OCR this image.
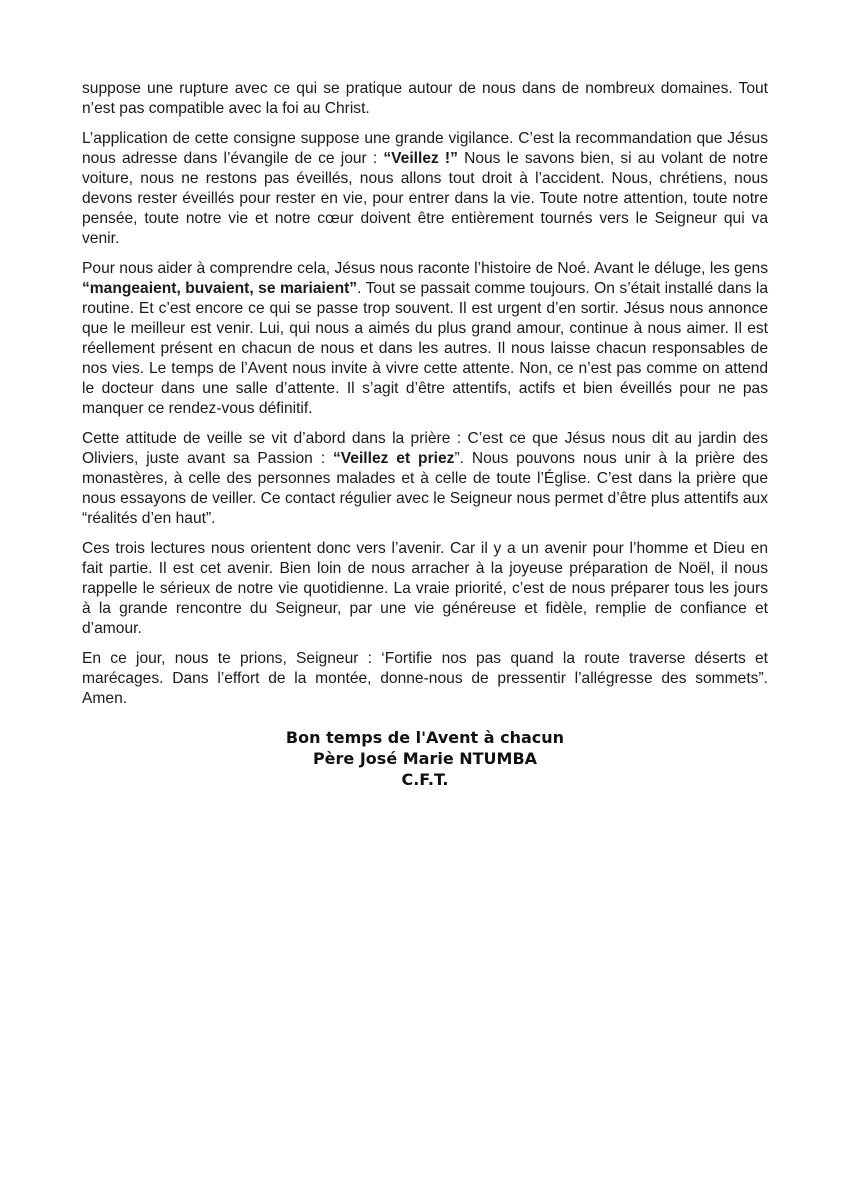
suppose une rupture avec ce qui se pratique autour de nous dans de nombreux domaines. Tout n’est pas compatible avec la foi au Christ.

L’application de cette consigne suppose une grande vigilance. C’est la recommandation que Jésus nous adresse dans l’évangile de ce jour : “Veillez !” Nous le savons bien, si au volant de notre voiture, nous ne restons pas éveillés, nous allons tout droit à l’accident. Nous, chrétiens, nous devons rester éveillés pour rester en vie, pour entrer dans la vie. Toute notre attention, toute notre pensée, toute notre vie et notre cœur doivent être entièrement tournés vers le Seigneur qui va venir.

Pour nous aider à comprendre cela, Jésus nous raconte l’histoire de Noé. Avant le déluge, les gens “mangeaient, buvaient, se mariaient”. Tout se passait comme toujours. On s’était installé dans la routine. Et c’est encore ce qui se passe trop souvent. Il est urgent d’en sortir. Jésus nous annonce que le meilleur est venir. Lui, qui nous a aimés du plus grand amour, continue à nous aimer. Il est réellement présent en chacun de nous et dans les autres. Il nous laisse chacun responsables de nos vies. Le temps de l’Avent nous invite à vivre cette attente. Non, ce n’est pas comme on attend le docteur dans une salle d’attente. Il s’agit d’être attentifs, actifs et bien éveillés pour ne pas manquer ce rendez-vous définitif.

Cette attitude de veille se vit d’abord dans la prière : C’est ce que Jésus nous dit au jardin des Oliviers, juste avant sa Passion : “Veillez et priez”. Nous pouvons nous unir à la prière des monastères, à celle des personnes malades et à celle de toute l’Église. C’est dans la prière que nous essayons de veiller. Ce contact régulier avec le Seigneur nous permet d’être plus attentifs aux “réalités d’en haut”.

Ces trois lectures nous orientent donc vers l’avenir. Car il y a un avenir pour l’homme et Dieu en fait partie. Il est cet avenir. Bien loin de nous arracher à la joyeuse préparation de Noël, il nous rappelle le sérieux de notre vie quotidienne. La vraie priorité, c’est de nous préparer tous les jours à la grande rencontre du Seigneur, par une vie généreuse et fidèle, remplie de confiance et d’amour.

En ce jour, nous te prions, Seigneur : ‘Fortifie nos pas quand la route traverse déserts et marécages. Dans l’effort de la montée, donne-nous de pressentir l’allégresse des sommets”. Amen.

Bon temps de l'Avent à chacun
Père José Marie NTUMBA
C.F.T.
